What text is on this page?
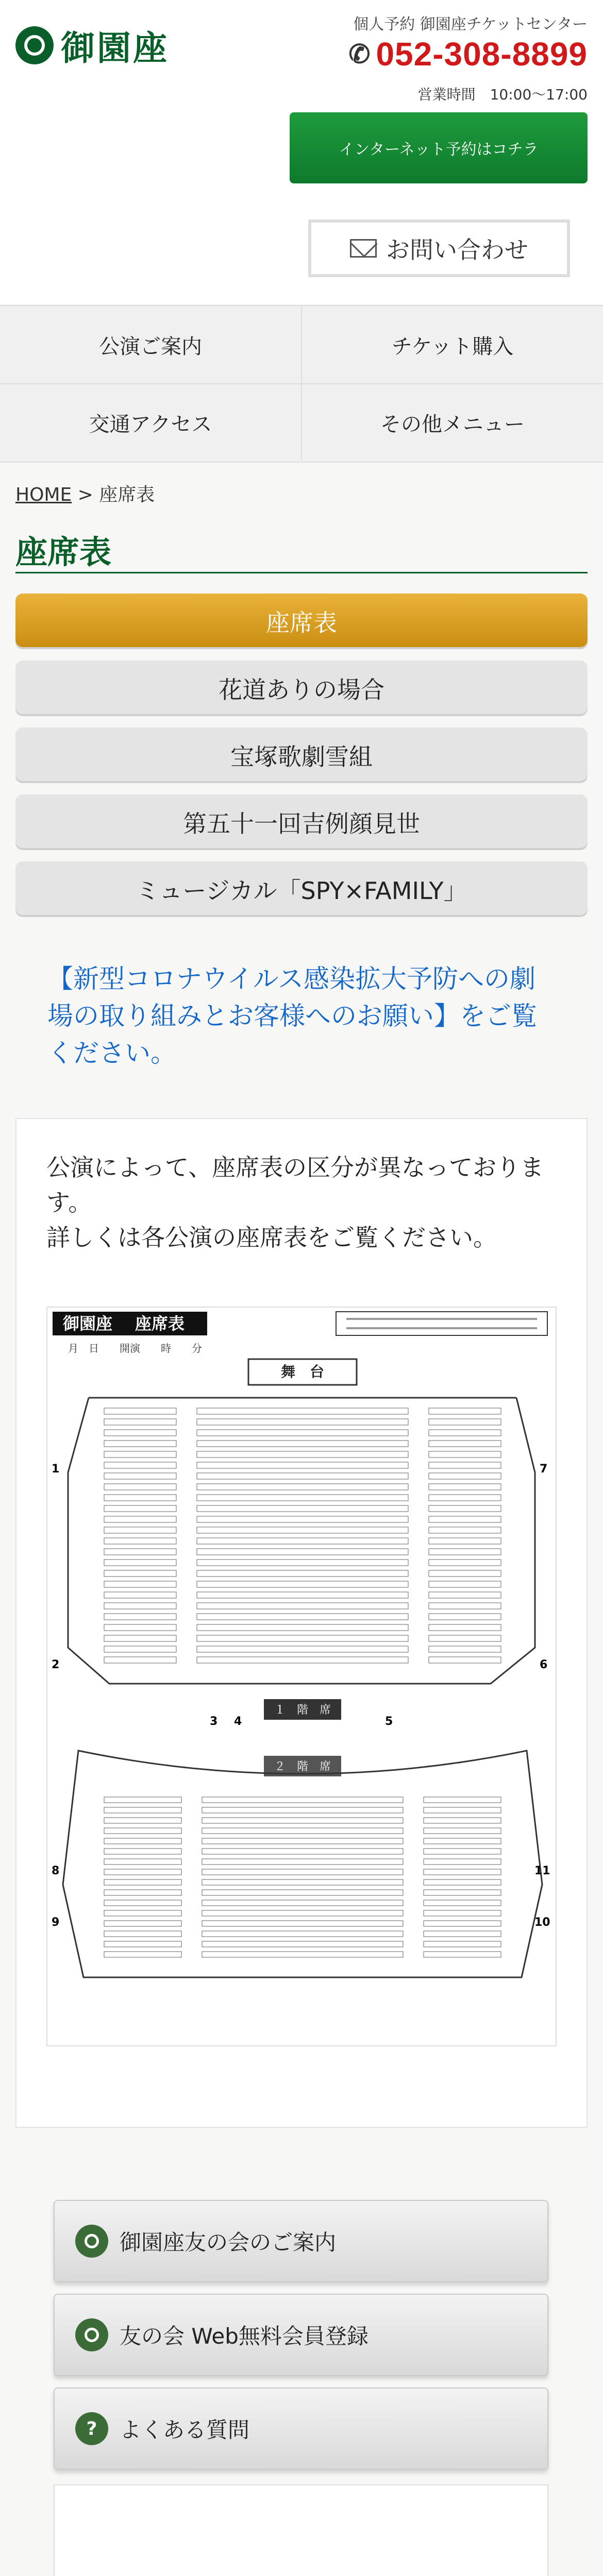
御園座
個人予約 御園座チケットセンター
✆ 052-308-8899
営業時間　10:00〜17:00
インターネット予約はコチラ
お問い合わせ
公演ご案内	チケット購入
交通アクセス	その他メニュー
HOME > 座席表
座席表
座席表
花道ありの場合
宝塚歌劇雪組
第五十一回吉例顔見世
ミュージカル「SPY×FAMILY」
【新型コロナウイルス感染拡大予防への劇場の取り組みとお客様へのお願い】をご覧ください。
公演によって、座席表の区分が異なっております。
詳しくは各公演の座席表をご覧ください。
御園座 座席表
月　日　　開演　　時　　分
舞　台
１　階　席
２　階　席
1
2
3 4	5
6
7
8
9	10
11
御園座友の会のご案内
友の会 Web無料会員登録
?	よくある質問
